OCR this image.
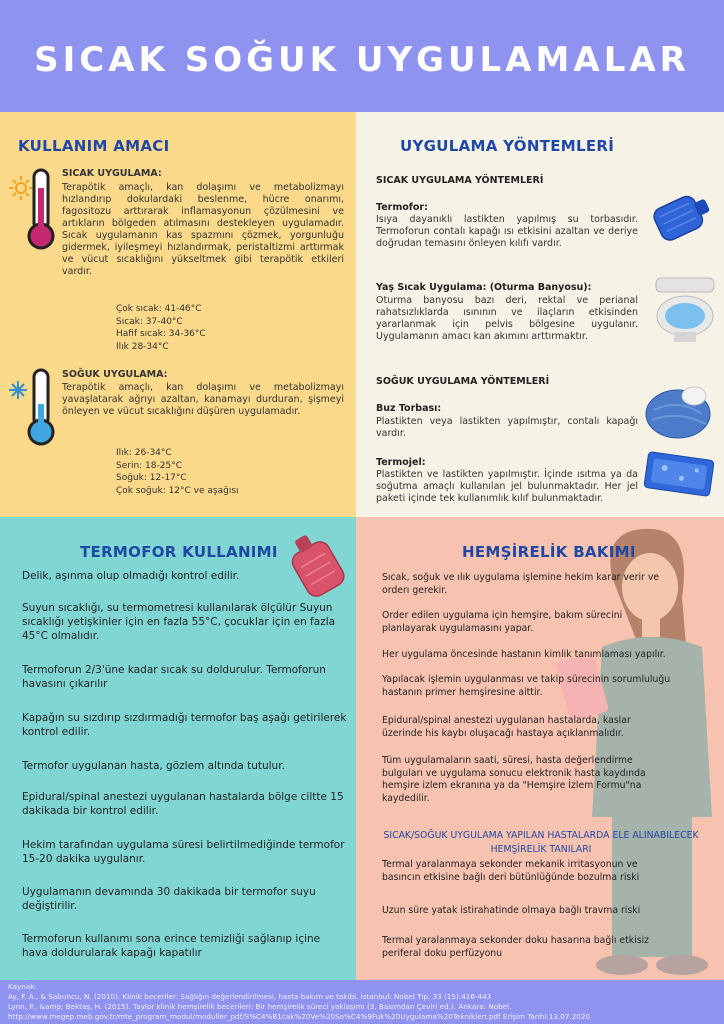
SICAK SOĞUK UYGULAMALAR
KULLANIM AMACI
SICAK UYGULAMA:
Terapötik amaçlı, kan dolaşımı ve metabolizmayı hızlandırıp dokulardaki beslenme, hücre onarımı, fagositozu arttırarak inflamasyonun çözülmesini ve artıkların bölgeden atılmasını destekleyen uygulamadır. Sıcak uygulamanın kas spazmını çözmek, yorgunluğu gidermek, iyileşmeyi hızlandırmak, peristaltizmi arttırmak ve vücut sıcaklığını yükseltmek gibi terapötik etkileri vardır.
Çok sıcak: 41-46°C
Sıcak: 37-40°C
Hafif sıcak: 34-36°C
Ilık 28-34°C
SOĞUK UYGULAMA:
Terapötik amaçlı, kan dolaşımı ve metabolizmayı yavaşlatarak ağrıyı azaltan, kanamayı durduran, şişmeyi önleyen ve vücut sıcaklığını düşüren uygulamadır.
Ilık: 26-34°C
Serin: 18-25°C
Soğuk: 12-17°C
Çok soğuk: 12°C ve aşağısı
UYGULAMA YÖNTEMLERİ
SICAK UYGULAMA YÖNTEMLERİ
Termofor:
Isıya dayanıklı lastikten yapılmış su torbasıdır. Termoforun contalı kapağı ısı etkisini azaltan ve deriye doğrudan temasını önleyen kılıfı vardır.
Yaş Sıcak Uygulama: (Oturma Banyosu):
Oturma banyosu bazı deri, rektal ve perianal rahatsızlıklarda ısınının ve ilaçların etkisinden yararlanmak için pelvis bölgesine uygulanır. Uygulamanın amacı kan akımını arttırmaktır.
SOĞUK UYGULAMA YÖNTEMLERİ
Buz Torbası:
Plastikten veya lastikten yapılmıştır, contalı kapağı vardır.
Termojel:
Plastikten ve lastikten yapılmıştır. İçinde ısıtma ya da soğutma amaçlı kullanılan jel bulunmaktadır. Her jel paketi içinde tek kullanımlık kılıf bulunmaktadır.
TERMOFOR KULLANIMI
Delik, aşınma olup olmadığı kontrol edilir.
Suyun sıcaklığı, su termometresi kullanılarak ölçülür Suyun sıcaklığı yetişkinler için en fazla 55°C, çocuklar için en fazla 45°C olmalıdır.
Termoforun 2/3'üne kadar sıcak su doldurulur. Termoforun havasını çıkarılır
Kapağın su sızdırıp sızdırmadığı termofor baş aşağı getirilerek kontrol edilir.
Termofor uygulanan hasta, gözlem altında tutulur.
Epidural/spinal anestezi uygulanan hastalarda bölge ciltte 15 dakikada bir kontrol edilir.
Hekim tarafından uygulama süresi belirtilmediğinde termofor 15-20 dakika uygulanır.
Uygulamanın devamında 30 dakikada bir termofor suyu değiştirilir.
Termoforun kullanımı sona erince temizliği sağlanıp içine hava doldurularak kapağı kapatılır
HEMŞİRELİK BAKIMI
Sıcak, soğuk ve ılık uygulama işlemine hekim karar verir ve orderı gerekir.
Order edilen uygulama için hemşire, bakım sürecini planlayarak uygulamasını yapar.
Her uygulama öncesinde hastanın kimlik tanımlaması yapılır.
Yapılacak işlemin uygulanması ve takip sürecinin sorumluluğu hastanın primer hemşiresine aittir.
Epidural/spinal anestezi uygulanan hastalarda, kaslar üzerinde his kaybı oluşacağı hastaya açıklanmalıdır.
Tüm uygulamaların saati, süresi, hasta değerlendirme bulguları ve uygulama sonucu elektronik hasta kaydında hemşire izlem ekranına ya da "Hemşire İzlem Formu"na kaydedilir.
SICAK/SOĞUK UYGULAMA YAPILAN HASTALARDA ELE ALINABILECEK HEMŞİRELİK TANILARI
Termal yaralanmaya sekonder mekanik irritasyonun ve basıncın etkisine bağlı deri bütünlüğünde bozulma riski
Uzun süre yatak istirahatinde olmaya bağlı travma riski
Termal yaralanmaya sekonder doku hasarına bağlı etkisiz periferal doku perfüzyonu
Kaynak:
Ay, F. A., & Sabuncu, N. (2010). Klinik beceriler: Sağlığın değerlendirilmesi, hasta bakım ve takibi. İstanbul: Nobel Tıp. 33 (15):416-443
Lynn, P., &amp; Bektaş, H. (2015). Taylor klinik hemşirelik becerileri: Bir hemşirelik süreci yaklaşımı (3. Basımdan Çeviri ed.). Ankara: Nobel.
http://www.megep.meb.gov.tr/mte_program_modul/moduller_pdf/S%C4%B1cak%20Ve%20So%C4%9Fuk%20Uygulama%20Teknikleri.pdf Erişim Tarihi:13.07.2020
